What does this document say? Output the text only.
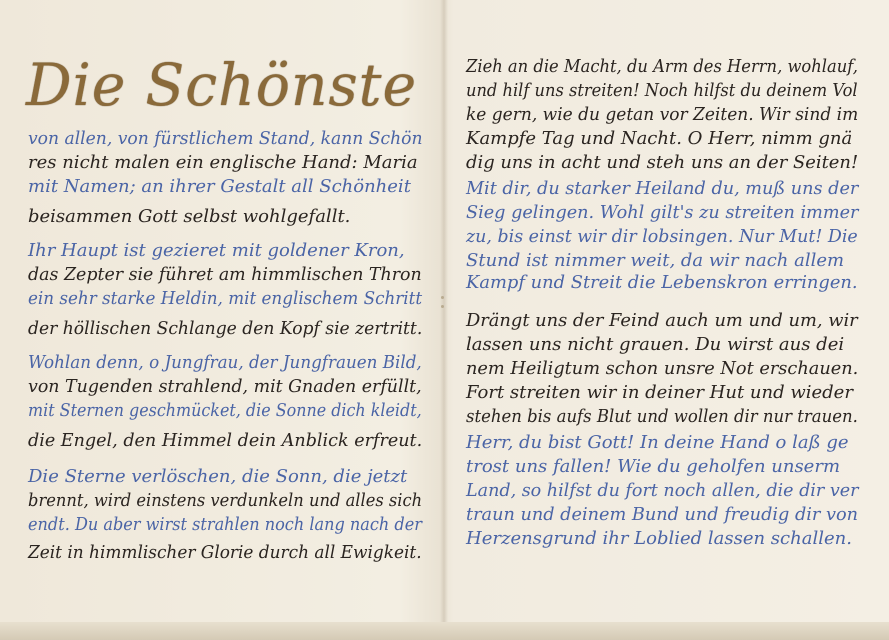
Die Schönste
von allen, von fürstlichem Stand, kann Schön
res nicht malen ein englische Hand: Maria
mit Namen; an ihrer Gestalt all Schönheit
beisammen Gott selbst wohlgefallt.
Ihr Haupt ist gezieret mit goldener Kron,
das Zepter sie führet am himmlischen Thron
ein sehr starke Heldin, mit englischem Schritt
der höllischen Schlange den Kopf sie zertritt.
Wohlan denn, o Jungfrau, der Jungfrauen Bild,
von Tugenden strahlend, mit Gnaden erfüllt,
mit Sternen geschmücket, die Sonne dich kleidt,
die Engel, den Himmel dein Anblick erfreut.
Die Sterne verlöschen, die Sonn, die jetzt
brennt, wird einstens verdunkeln und alles sich
endt. Du aber wirst strahlen noch lang nach der
Zeit in himmlischer Glorie durch all Ewigkeit.
Zieh an die Macht, du Arm des Herrn, wohlauf,
und hilf uns streiten! Noch hilfst du deinem Vol
ke gern, wie du getan vor Zeiten. Wir sind im
Kampfe Tag und Nacht. O Herr, nimm gnä
dig uns in acht und steh uns an der Seiten!
Mit dir, du starker Heiland du, muß uns der
Sieg gelingen. Wohl gilt's zu streiten immer
zu, bis einst wir dir lobsingen. Nur Mut! Die
Stund ist nimmer weit, da wir nach allem
Kampf und Streit die Lebenskron erringen.
Drängt uns der Feind auch um und um, wir
lassen uns nicht grauen. Du wirst aus dei
nem Heiligtum schon unsre Not erschauen.
Fort streiten wir in deiner Hut und wieder
stehen bis aufs Blut und wollen dir nur trauen.
Herr, du bist Gott! In deine Hand o laß ge
trost uns fallen! Wie du geholfen unserm
Land, so hilfst du fort noch allen, die dir ver
traun und deinem Bund und freudig dir von
Herzensgrund ihr Loblied lassen schallen.
